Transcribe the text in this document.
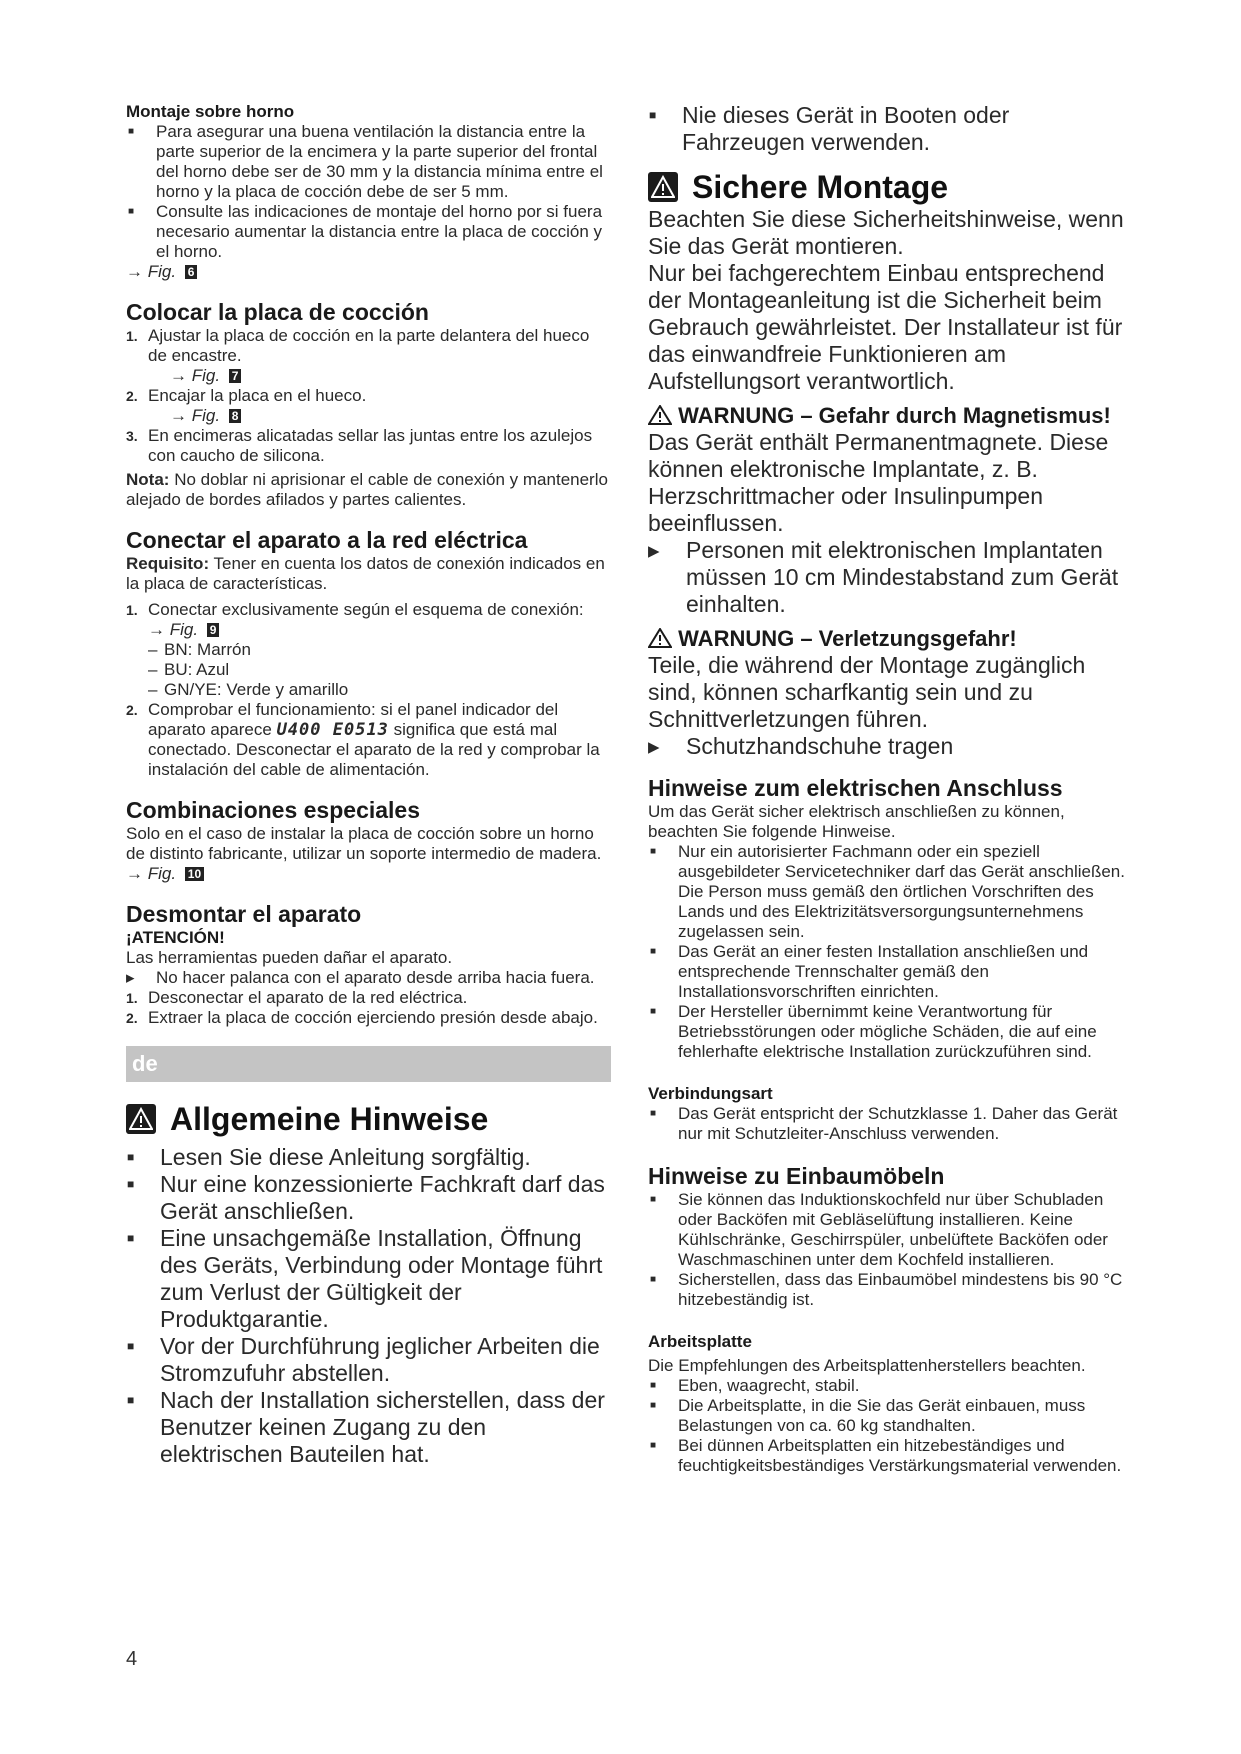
Montaje sobre horno

■ Para asegurar una buena ventilación la distancia entre la parte superior de la encimera y la parte superior del frontal del horno debe ser de 30 mm y la distancia mínima entre el horno y la placa de cocción debe de ser 5 mm.

■ Consulte las indicaciones de montaje del horno por si fuera necesario aumentar la distancia entre la placa de cocción y el horno.

→ Fig. 6

Colocar la placa de cocción
1. Ajustar la placa de cocción en la parte delantera del hueco de encastre.

→ Fig. 7

2. Encajar la placa en el hueco.

→ Fig. 8

3. En encimeras alicatadas sellar las juntas entre los azulejos con caucho de silicona.

Nota: No doblar ni aprisionar el cable de conexión y mantenerlo alejado de bordes afilados y partes calientes.

Conectar el aparato a la red eléctrica

Requisito: Tener en cuenta los datos de conexión indicados en la placa de características.

1. Conectar exclusivamente según el esquema de conexión:

→ Fig. 9

– BN: Marrón

– BU: Azul

– GN/YE: Verde y amarillo

2. Comprobar el funcionamiento: si el panel indicador del aparato aparece U400 E0513 significa que está mal conectado. Desconectar el aparato de la red y comprobar la instalación del cable de alimentación.
Combinaciones especiales

Solo en el caso de instalar la placa de cocción sobre un horno de distinto fabricante, utilizar un soporte intermedio de madera.

→ Fig. 10

Desmontar el aparato

¡ATENCIÓN!

Las herramientas pueden dañar el aparato.

▸ No hacer palanca con el aparato desde arriba hacia fuera.

1. Desconectar el aparato de la red eléctrica.
2. Extraer la placa de cocción ejerciendo presión desde abajo.
de
Allgemeine Hinweise

■ Lesen Sie diese Anleitung sorgfältig.

■ Nur eine konzessionierte Fachkraft darf das Gerät anschließen.

■ Eine unsachgemäße Installation, Öffnung des Geräts, Verbindung oder Montage führt zum Verlust der Gültigkeit der Produktgarantie.

■ Vor der Durchführung jeglicher Arbeiten die Stromzufuhr abstellen.

■ Nach der Installation sicherstellen, dass der Benutzer keinen Zugang zu den elektrischen Bauteilen hat.

■ Nie dieses Gerät in Booten oder Fahrzeugen verwenden.

Sichere Montage

Beachten Sie diese Sicherheitshinweise, wenn Sie das Gerät montieren.

Nur bei fachgerechtem Einbau entsprechend der Montageanleitung ist die Sicherheit beim Gebrauch gewährleistet. Der Installateur ist für das einwandfreie Funktionieren am Aufstellungsort verantwortlich.

WARNUNG – Gefahr durch Magnetismus!

Das Gerät enthält Permanentmagnete. Diese können elektronische Implantate, z. B. Herzschrittmacher oder Insulinpumpen beeinflussen.

▸ Personen mit elektronischen Implantaten müssen 10 cm Mindestabstand zum Gerät einhalten.

WARNUNG – Verletzungsgefahr!

Teile, die während der Montage zugänglich sind, können scharfkantig sein und zu Schnittverletzungen führen.

▸ Schutzhandschuhe tragen

Hinweise zum elektrischen Anschluss

Um das Gerät sicher elektrisch anschließen zu können, beachten Sie folgende Hinweise.

■ Nur ein autorisierter Fachmann oder ein speziell ausgebildeter Servicetechniker darf das Gerät anschließen. Die Person muss gemäß den örtlichen Vorschriften des Lands und des Elektrizitätsversorgungsunternehmens zugelassen sein.

■ Das Gerät an einer festen Installation anschließen und entsprechende Trennschalter gemäß den Installationsvorschriften einrichten.

■ Der Hersteller übernimmt keine Verantwortung für Betriebsstörungen oder mögliche Schäden, die auf eine fehlerhafte elektrische Installation zurückzuführen sind.

Verbindungsart

■ Das Gerät entspricht der Schutzklasse 1. Daher das Gerät nur mit Schutzleiter-Anschluss verwenden.

Hinweise zu Einbaumöbeln

■ Sie können das Induktionskochfeld nur über Schubladen oder Backöfen mit Gebläselüftung installieren. Keine Kühlschränke, Geschirrspüler, unbelüftete Backöfen oder Waschmaschinen unter dem Kochfeld installieren.

■ Sicherstellen, dass das Einbaumöbel mindestens bis 90 °C hitzebeständig ist.

Arbeitsplatte

Die Empfehlungen des Arbeitsplattenherstellers beachten.

■ Eben, waagrecht, stabil.

■ Die Arbeitsplatte, in die Sie das Gerät einbauen, muss Belastungen von ca. 60 kg standhalten.

■ Bei dünnen Arbeitsplatten ein hitzebeständiges und feuchtigkeitsbeständiges Verstärkungsmaterial verwenden.

4
